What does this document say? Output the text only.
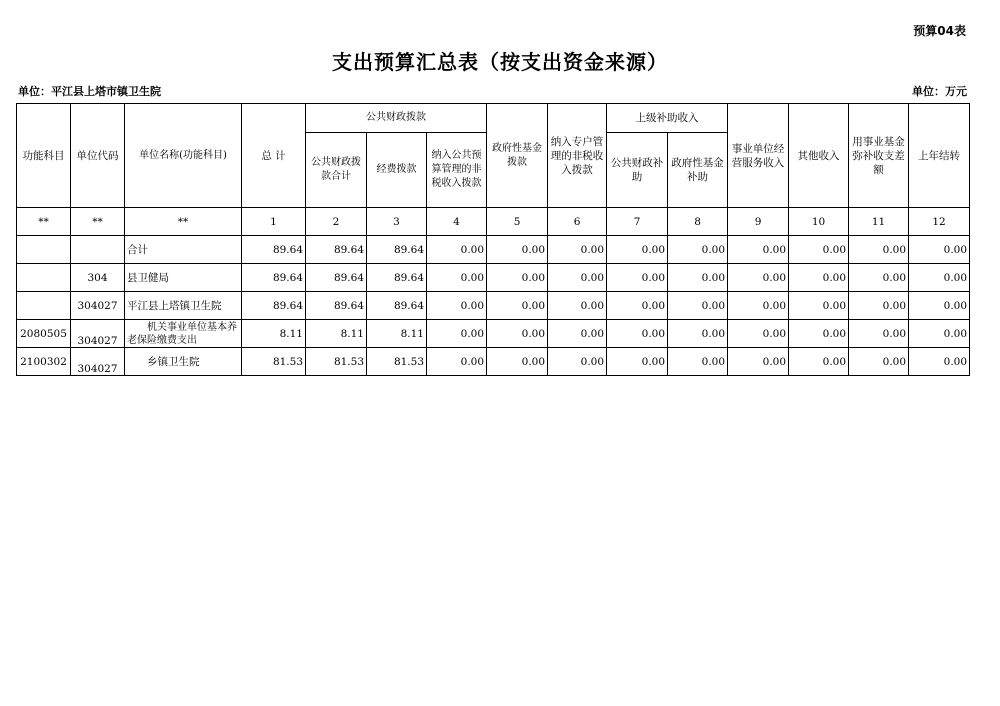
预算04表
支出预算汇总表（按支出资金来源）
单位：平江县上塔市镇卫生院	单位：万元
功能科目	单位代码	单位名称(功能科目)	总 计	公共财政拨款			政府性基金拨款	纳入专户管理的非税收入拨款	上级补助收入		事业单位经营服务收入	其他收入	用事业基金弥补收支差额	上年结转
				公共财政拨款合计	经费拨款	纳入公共预算管理的非税收入拨款			公共财政补助	政府性基金补助				
**	**	**	1	2	3	4	5	6	7	8	9	10	11	12
		合计	89.64	89.64	89.64	0.00	0.00	0.00	0.00	0.00	0.00	0.00	0.00	0.00
	304	县卫健局	89.64	89.64	89.64	0.00	0.00	0.00	0.00	0.00	0.00	0.00	0.00	0.00
	304027	平江县上塔镇卫生院	89.64	89.64	89.64	0.00	0.00	0.00	0.00	0.00	0.00	0.00	0.00	0.00
2080505	304027	机关事业单位基本养老保险缴费支出	8.11	8.11	8.11	0.00	0.00	0.00	0.00	0.00	0.00	0.00	0.00	0.00
2100302	304027	乡镇卫生院	81.53	81.53	81.53	0.00	0.00	0.00	0.00	0.00	0.00	0.00	0.00	0.00
